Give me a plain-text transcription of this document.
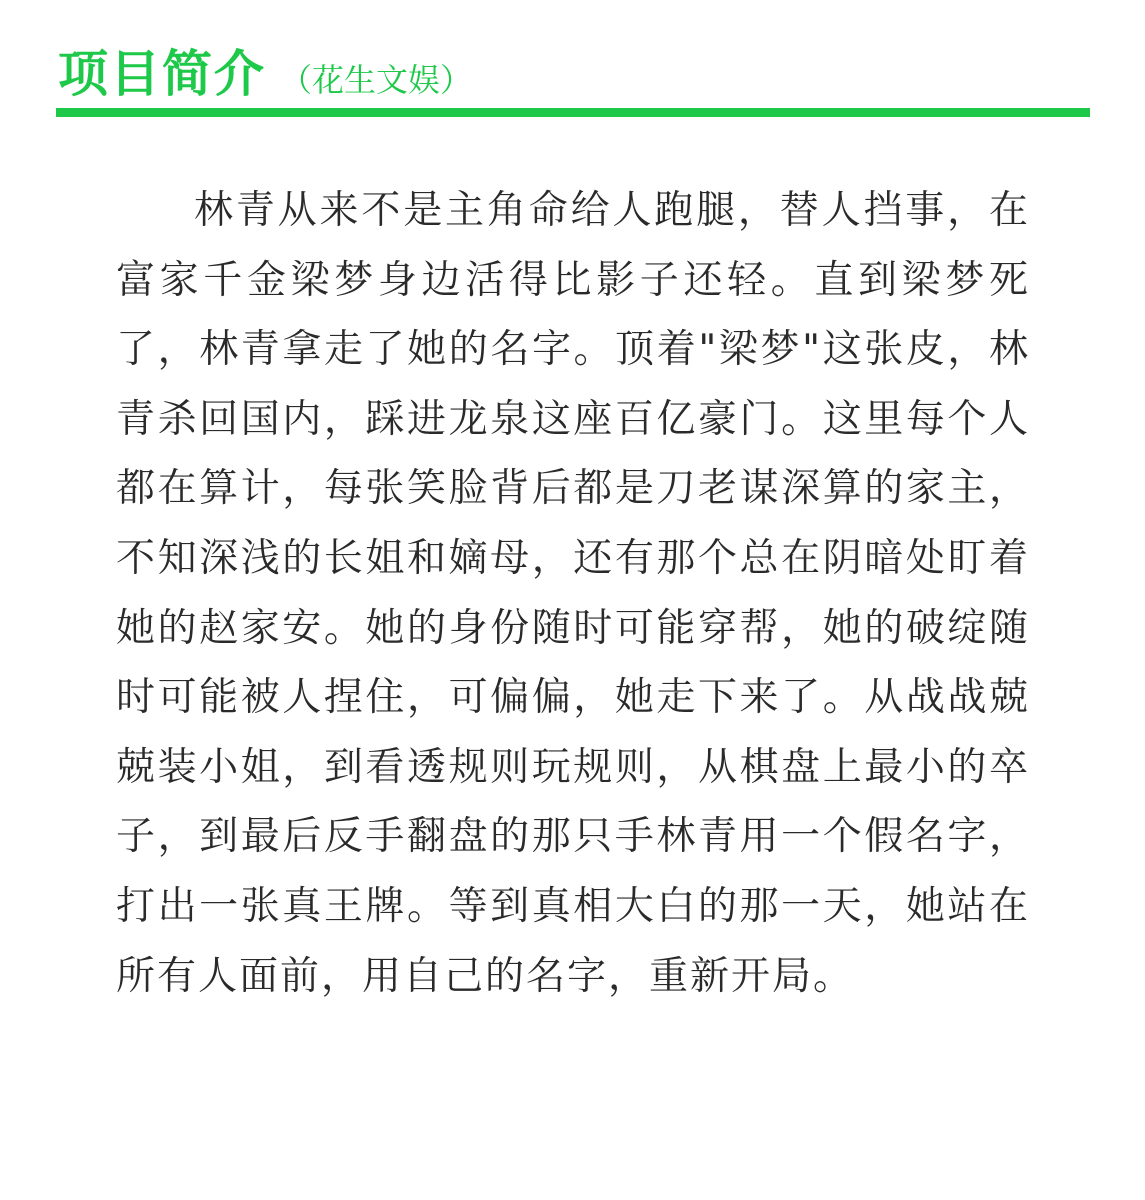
项目简介 （花生文娱）

林青从来不是主角命给人跑腿，替人挡事，在富家千金梁梦身边活得比影子还轻。直到梁梦死了，林青拿走了她的名字。顶着"梁梦"这张皮，林青杀回国内，踩进龙泉这座百亿豪门。这里每个人都在算计，每张笑脸背后都是刀老谋深算的家主，不知深浅的长姐和嫡母，还有那个总在阴暗处盯着她的赵家安。她的身份随时可能穿帮，她的破绽随时可能被人捏住，可偏偏，她走下来了。从战战兢兢装小姐，到看透规则玩规则，从棋盘上最小的卒子，到最后反手翻盘的那只手林青用一个假名字，打出一张真王牌。等到真相大白的那一天，她站在所有人面前，用自己的名字，重新开局。
